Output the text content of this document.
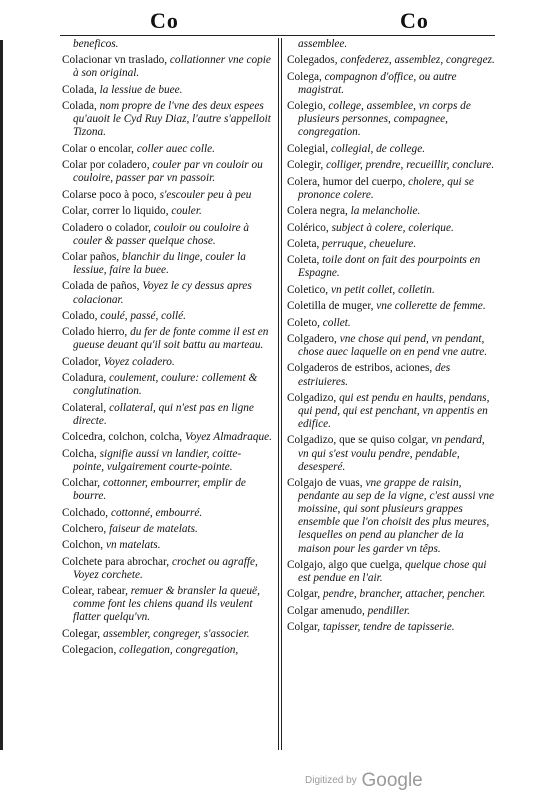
Co	Co

beneficos.

Colacionar vn traslado, collationner vne copie à son original.

Colada, la lessiue de buee.

Colada, nom propre de l'vne des deux espees qu'auoit le Cyd Ruy Diaz, l'autre s'appelloit Tizona.

Colar o encolar, coller auec colle.

Colar por coladero, couler par vn couloir ou couloire, passer par vn passoir.

Colarse poco à poco, s'escouler peu à peu

Colar, correr lo liquido, couler.

Coladero o colador, couloir ou couloire à couler & passer quelque chose.

Colar paños, blanchir du linge, couler la lessiue, faire la buee.

Colada de paños, Voyez le cy dessus apres colacionar.

Colado, coulé, passé, collé.

Colado hierro, du fer de fonte comme il est en gueuse deuant qu'il soit battu au marteau.

Colador, Voyez coladero.

Coladura, coulement, coulure: collement & conglutination.

Colateral, collateral, qui n'est pas en ligne directe.

Colcedra, colchon, colcha, Voyez Almadraque.

Colcha, signifie aussi vn landier, coitte-pointe, vulgairement courte-pointe.

Colchar, cottonner, embourrer, emplir de bourre.

Colchado, cottonné, embourré.

Colchero, faiseur de matelats.

Colchon, vn matelats.

Colchete para abrochar, crochet ou agraffe, Voyez corchete.

Colear, rabear, remuer & bransler la queuë, comme font les chiens quand ils veulent flatter quelqu'vn.

Colegar, assembler, congreger, s'associer.

Colegacion, collegation, congregation,

assemblee.

Colegados, confederez, assemblez, congregez.

Colega, compagnon d'office, ou autre magistrat.

Colegio, college, assemblee, vn corps de plusieurs personnes, compagnee, congregation.

Colegial, collegial, de college.

Colegir, colliger, prendre, recueillir, conclure.

Colera, humor del cuerpo, cholere, qui se prononce colere.

Colera negra, la melancholie.

Colérico, subject à colere, colerique.

Coleta, perruque, cheuelure.

Coleta, toile dont on fait des pourpoints en Espagne.

Coletico, vn petit collet, colletin.

Coletilla de muger, vne collerette de femme.

Coleto, collet.

Colgadero, vne chose qui pend, vn pendant, chose auec laquelle on en pend vne autre.

Colgaderos de estribos, aciones, des estriuieres.

Colgadizo, qui est pendu en haults, pendans, qui pend, qui est penchant, vn appentis en edifice.

Colgadizo, que se quiso colgar, vn pendard, vn qui s'est voulu pendre, pendable, desesperé.

Colgajo de vuas, vne grappe de raisin, pendante au sep de la vigne, c'est aussi vne moissine, qui sont plusieurs grappes ensemble que l'on choisit des plus meures, lesquelles on pend au plancher de la maison pour les garder vn têps.

Colgajo, algo que cuelga, quelque chose qui est pendue en l'air.

Colgar, pendre, brancher, attacher, pencher.

Colgar amenudo, pendiller.

Colgar, tapisser, tendre de tapisserie.

Digitized by Google
